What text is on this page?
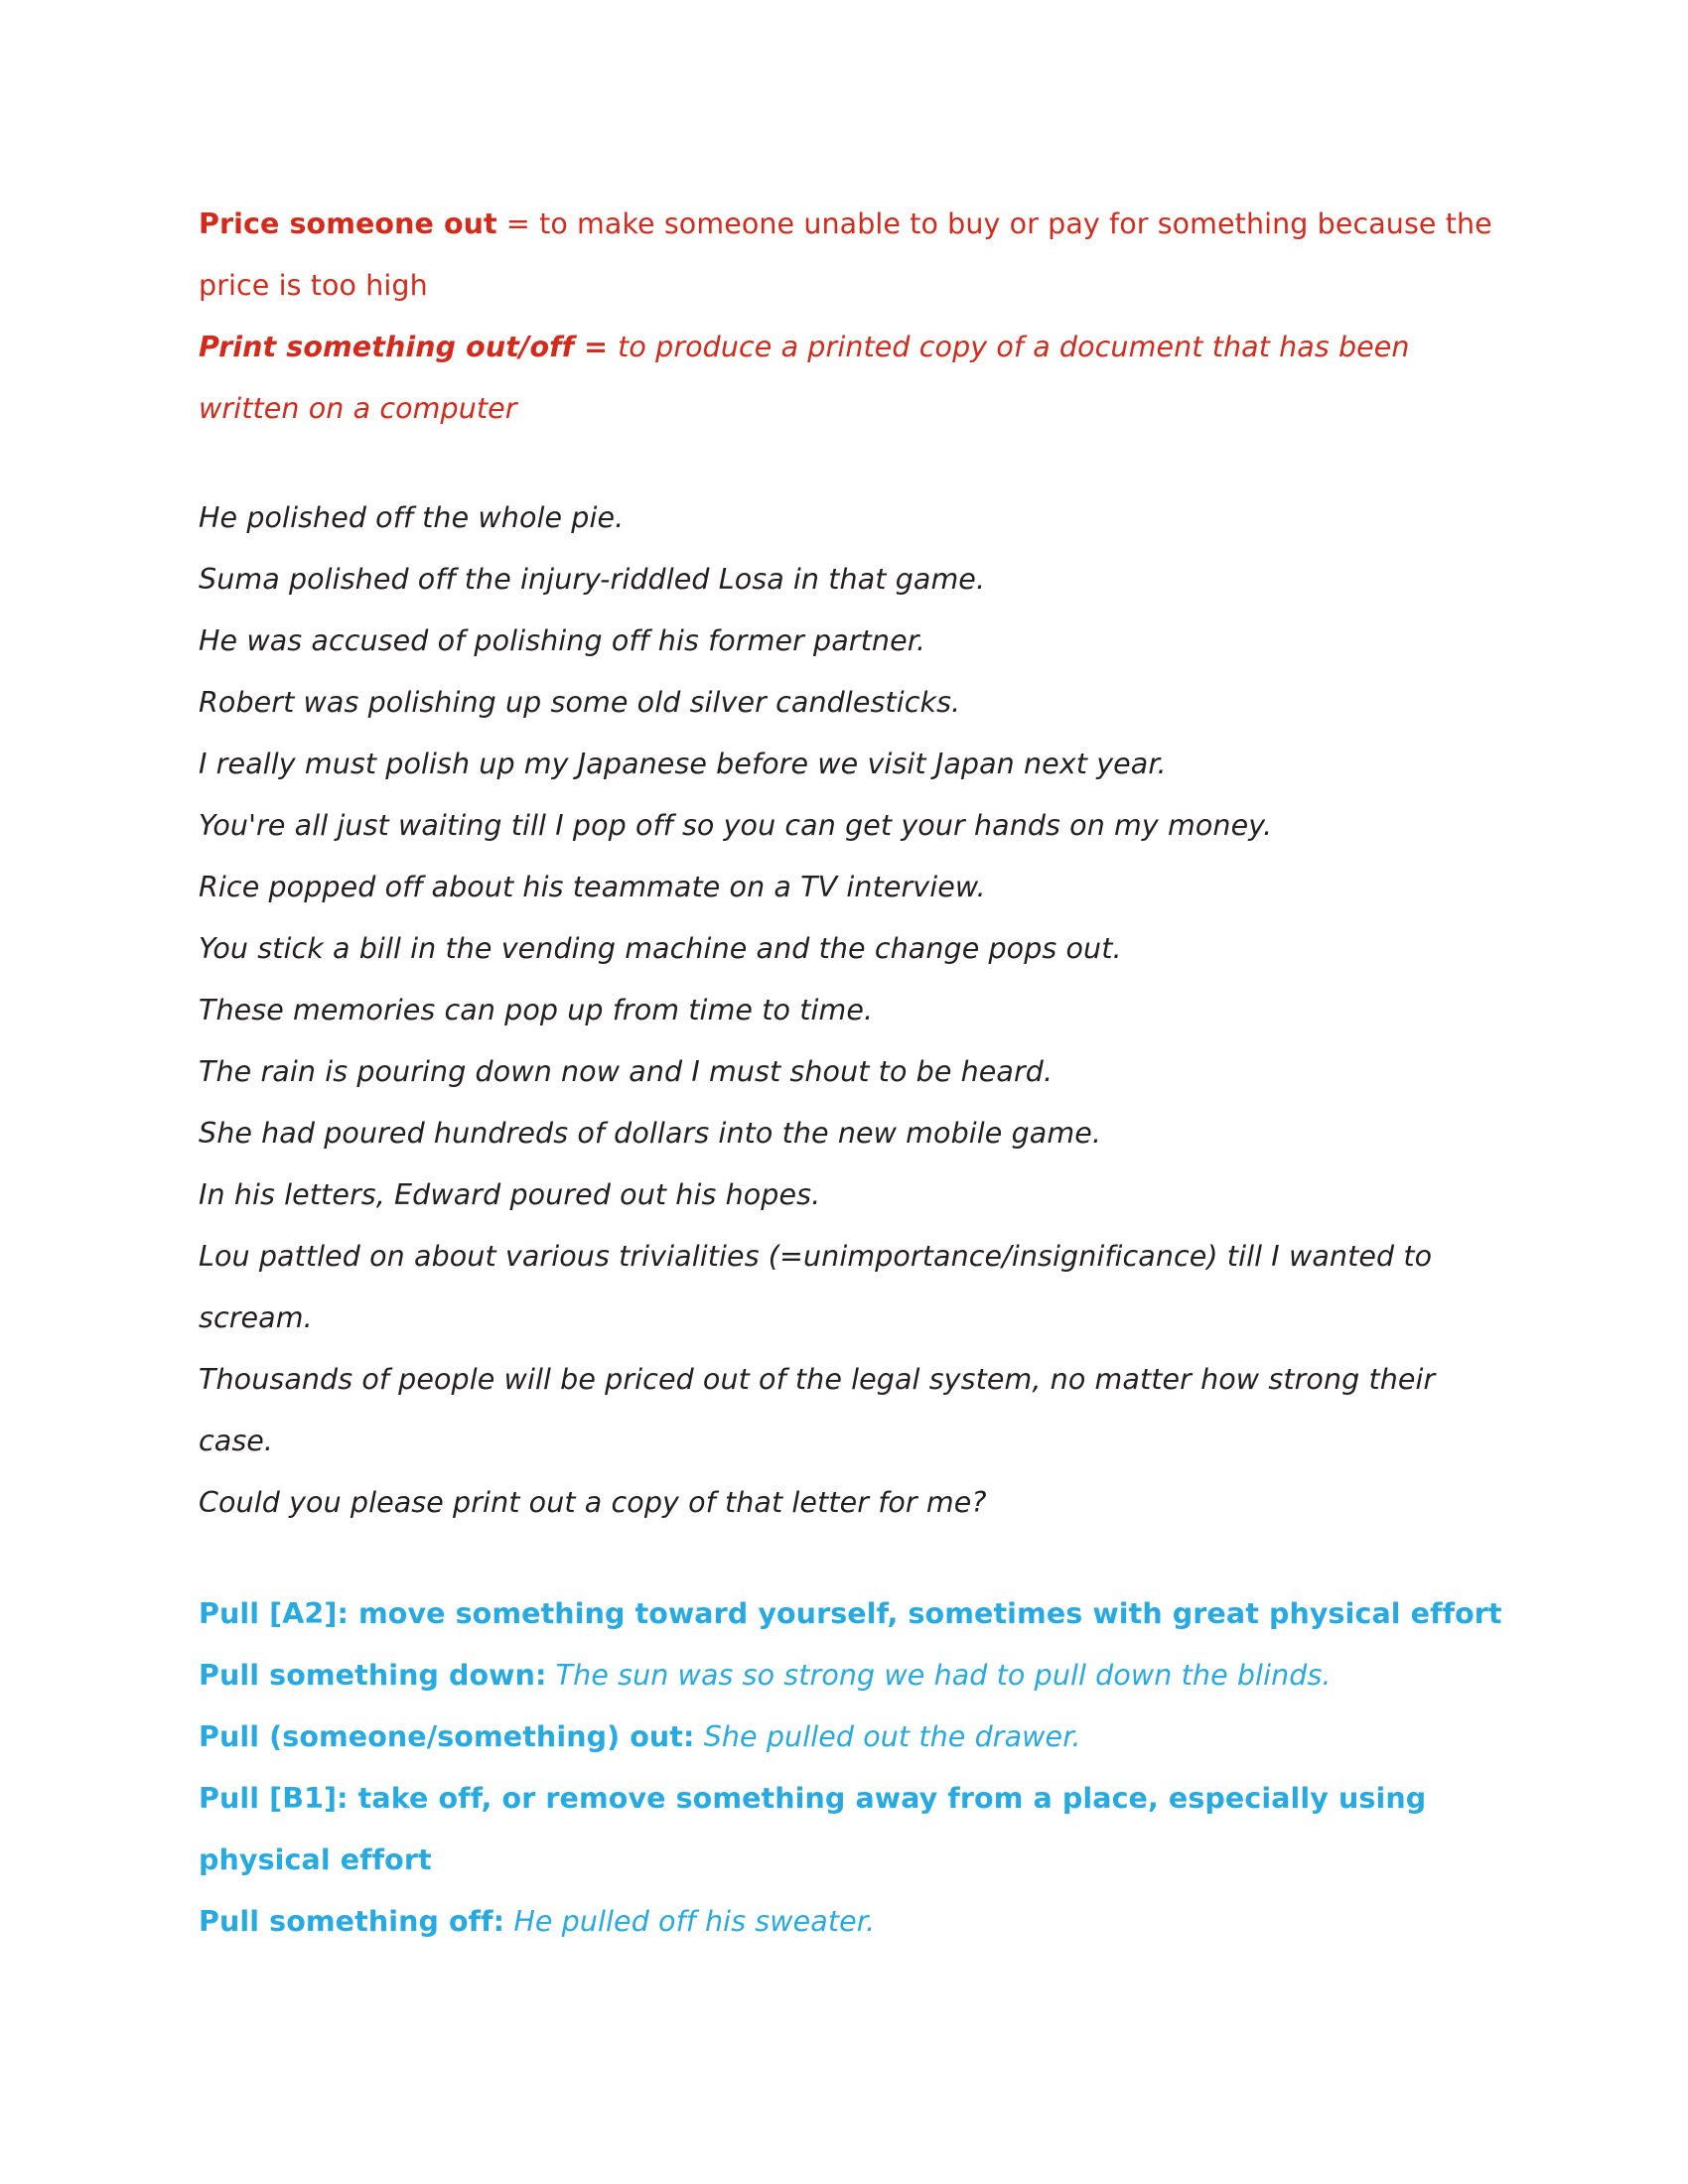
Price someone out = to make someone unable to buy or pay for something because the price is too high
Print something out/off = to produce a printed copy of a document that has been written on a computer
He polished off the whole pie.
Suma polished off the injury-riddled Losa in that game.
He was accused of polishing off his former partner.
Robert was polishing up some old silver candlesticks.
I really must polish up my Japanese before we visit Japan next year.
You're all just waiting till I pop off so you can get your hands on my money.
Rice popped off about his teammate on a TV interview.
You stick a bill in the vending machine and the change pops out.
These memories can pop up from time to time.
The rain is pouring down now and I must shout to be heard.
She had poured hundreds of dollars into the new mobile game.
In his letters, Edward poured out his hopes.
Lou pattled on about various trivialities (=unimportance/insignificance) till I wanted to scream.
Thousands of people will be priced out of the legal system, no matter how strong their case.
Could you please print out a copy of that letter for me?
Pull [A2]: move something toward yourself, sometimes with great physical effort
Pull something down: The sun was so strong we had to pull down the blinds.
Pull (someone/something) out: She pulled out the drawer.
Pull [B1]: take off, or remove something away from a place, especially using physical effort
Pull something off: He pulled off his sweater.
